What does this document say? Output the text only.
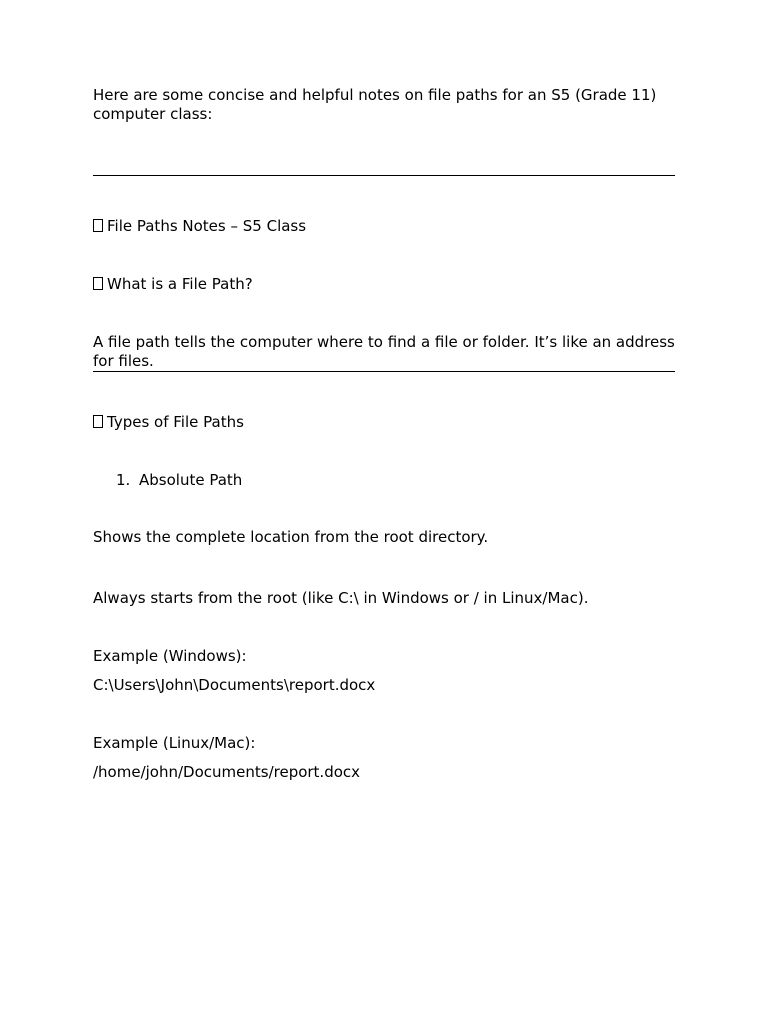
Here are some concise and helpful notes on file paths for an S5 (Grade 11) computer class:

File Paths Notes – S5 Class

What is a File Path?

A file path tells the computer where to find a file or folder. It’s like an address for files.

Types of File Paths

1. Absolute Path

Shows the complete location from the root directory.

Always starts from the root (like C:\ in Windows or / in Linux/Mac).

Example (Windows):

C:\Users\John\Documents\report.docx

Example (Linux/Mac):

/home/john/Documents/report.docx
